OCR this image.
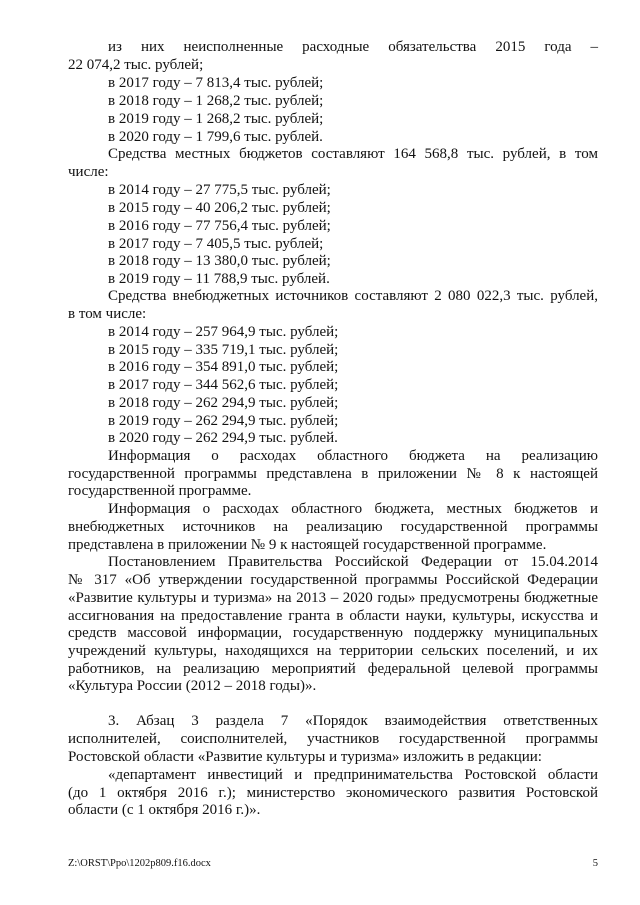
из них неисполненные расходные обязательства 2015 года –
22 074,2 тыс. рублей;
в 2017 году – 7 813,4 тыс. рублей;
в 2018 году – 1 268,2 тыс. рублей;
в 2019 году – 1 268,2 тыс. рублей;
в 2020 году – 1 799,6 тыс. рублей.
Средства местных бюджетов составляют 164 568,8 тыс. рублей, в том
числе:
в 2014 году – 27 775,5 тыс. рублей;
в 2015 году – 40 206,2 тыс. рублей;
в 2016 году – 77 756,4 тыс. рублей;
в 2017 году – 7 405,5 тыс. рублей;
в 2018 году – 13 380,0 тыс. рублей;
в 2019 году – 11 788,9 тыс. рублей.
Средства внебюджетных источников составляют 2 080 022,3 тыс. рублей,
в том числе:
в 2014 году – 257 964,9 тыс. рублей;
в 2015 году – 335 719,1 тыс. рублей;
в 2016 году – 354 891,0 тыс. рублей;
в 2017 году – 344 562,6 тыс. рублей;
в 2018 году – 262 294,9 тыс. рублей;
в 2019 году – 262 294,9 тыс. рублей;
в 2020 году – 262 294,9 тыс. рублей.
Информация о расходах областного бюджета на реализацию
государственной программы представлена в приложении № 8 к настоящей
государственной программе.
Информация о расходах областного бюджета, местных бюджетов и
внебюджетных источников на реализацию государственной программы
представлена в приложении № 9 к настоящей государственной программе.
Постановлением Правительства Российской Федерации от 15.04.2014
№ 317 «Об утверждении государственной программы Российской Федерации
«Развитие культуры и туризма» на 2013 – 2020 годы» предусмотрены бюджетные
ассигнования на предоставление гранта в области науки, культуры, искусства и
средств массовой информации, государственную поддержку муниципальных
учреждений культуры, находящихся на территории сельских поселений, и их
работников, на реализацию мероприятий федеральной целевой программы
«Культура России (2012 – 2018 годы)».
3. Абзац 3 раздела 7 «Порядок взаимодействия ответственных
исполнителей, соисполнителей, участников государственной программы
Ростовской области «Развитие культуры и туризма» изложить в редакции:
«департамент инвестиций и предпринимательства Ростовской области
(до 1 октября 2016 г.); министерство экономического развития Ростовской
области (с 1 октября 2016 г.)».
Z:\ORST\Ppo\1202p809.f16.docx	5
